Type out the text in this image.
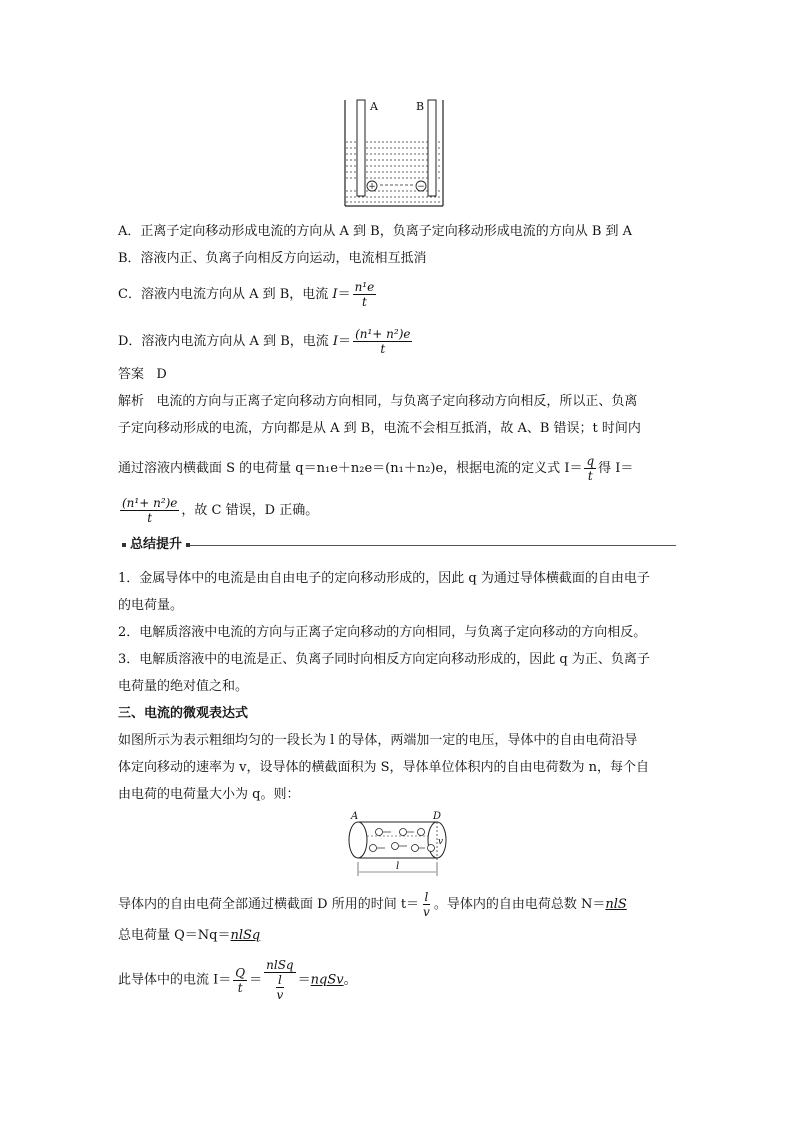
+	−
A	B
A．正离子定向移动形成电流的方向从 A 到 B，负离子定向移动形成电流的方向从 B 到 A
B．溶液内正、负离子向相反方向运动，电流相互抵消
C．溶液内电流方向从 A 到 B，电流 $I= \frac{\text{n¹e}}{t}$
D．溶液内电流方向从 A 到 B，电流 $I= \frac{\text{(n¹+ n²)e}}{t}$
答案 D
解析 电流的方向与正离子定向移动方向相同，与负离子定向移动方向相反，所以正、负离
子定向移动形成的电流，方向都是从 A 到 B，电流不会相互抵消，故 A、B 错误；t 时间内
通过溶液内横截面 S 的电荷量 q＝n₁e＋n₂e＝(n₁＋n₂)e，根据电流的定义式 $I= \frac{q}{t}$ 得 I＝
$\frac{\text{(n¹+ n²)e}}{t}$ ，故 C 错误，D 正确。
总结提升
1．金属导体中的电流是由自由电子的定向移动形成的，因此 q 为通过导体横截面的自由电子
的电荷量。
2．电解质溶液中电流的方向与正离子定向移动的方向相同，与负离子定向移动的方向相反。
3．电解质溶液中的电流是正、负离子同时向相反方向定向移动形成的，因此 q 为正、负离子
电荷量的绝对值之和。
三、电流的微观表达式
如图所示为表示粗细均匀的一段长为 l 的导体，两端加一定的电压，导体中的自由电荷沿导
体定向移动的速率为 v，设导体的横截面积为 S，导体单位体积内的自由电荷数为 n，每个自
由电荷的电荷量大小为 q。则：
A	D
v
l
导体内的自由电荷全部通过横截面 D 所用的时间 $t= \frac{l}{v}$ 。导体内的自由电荷总数 N＝nlS
总电荷量 Q＝Nq＝nlSq
此导体中的电流 $I= \frac{Q}{t} = \frac{\text{nlSq}}{\frac{l}{v}}$ ＝nqSv。
